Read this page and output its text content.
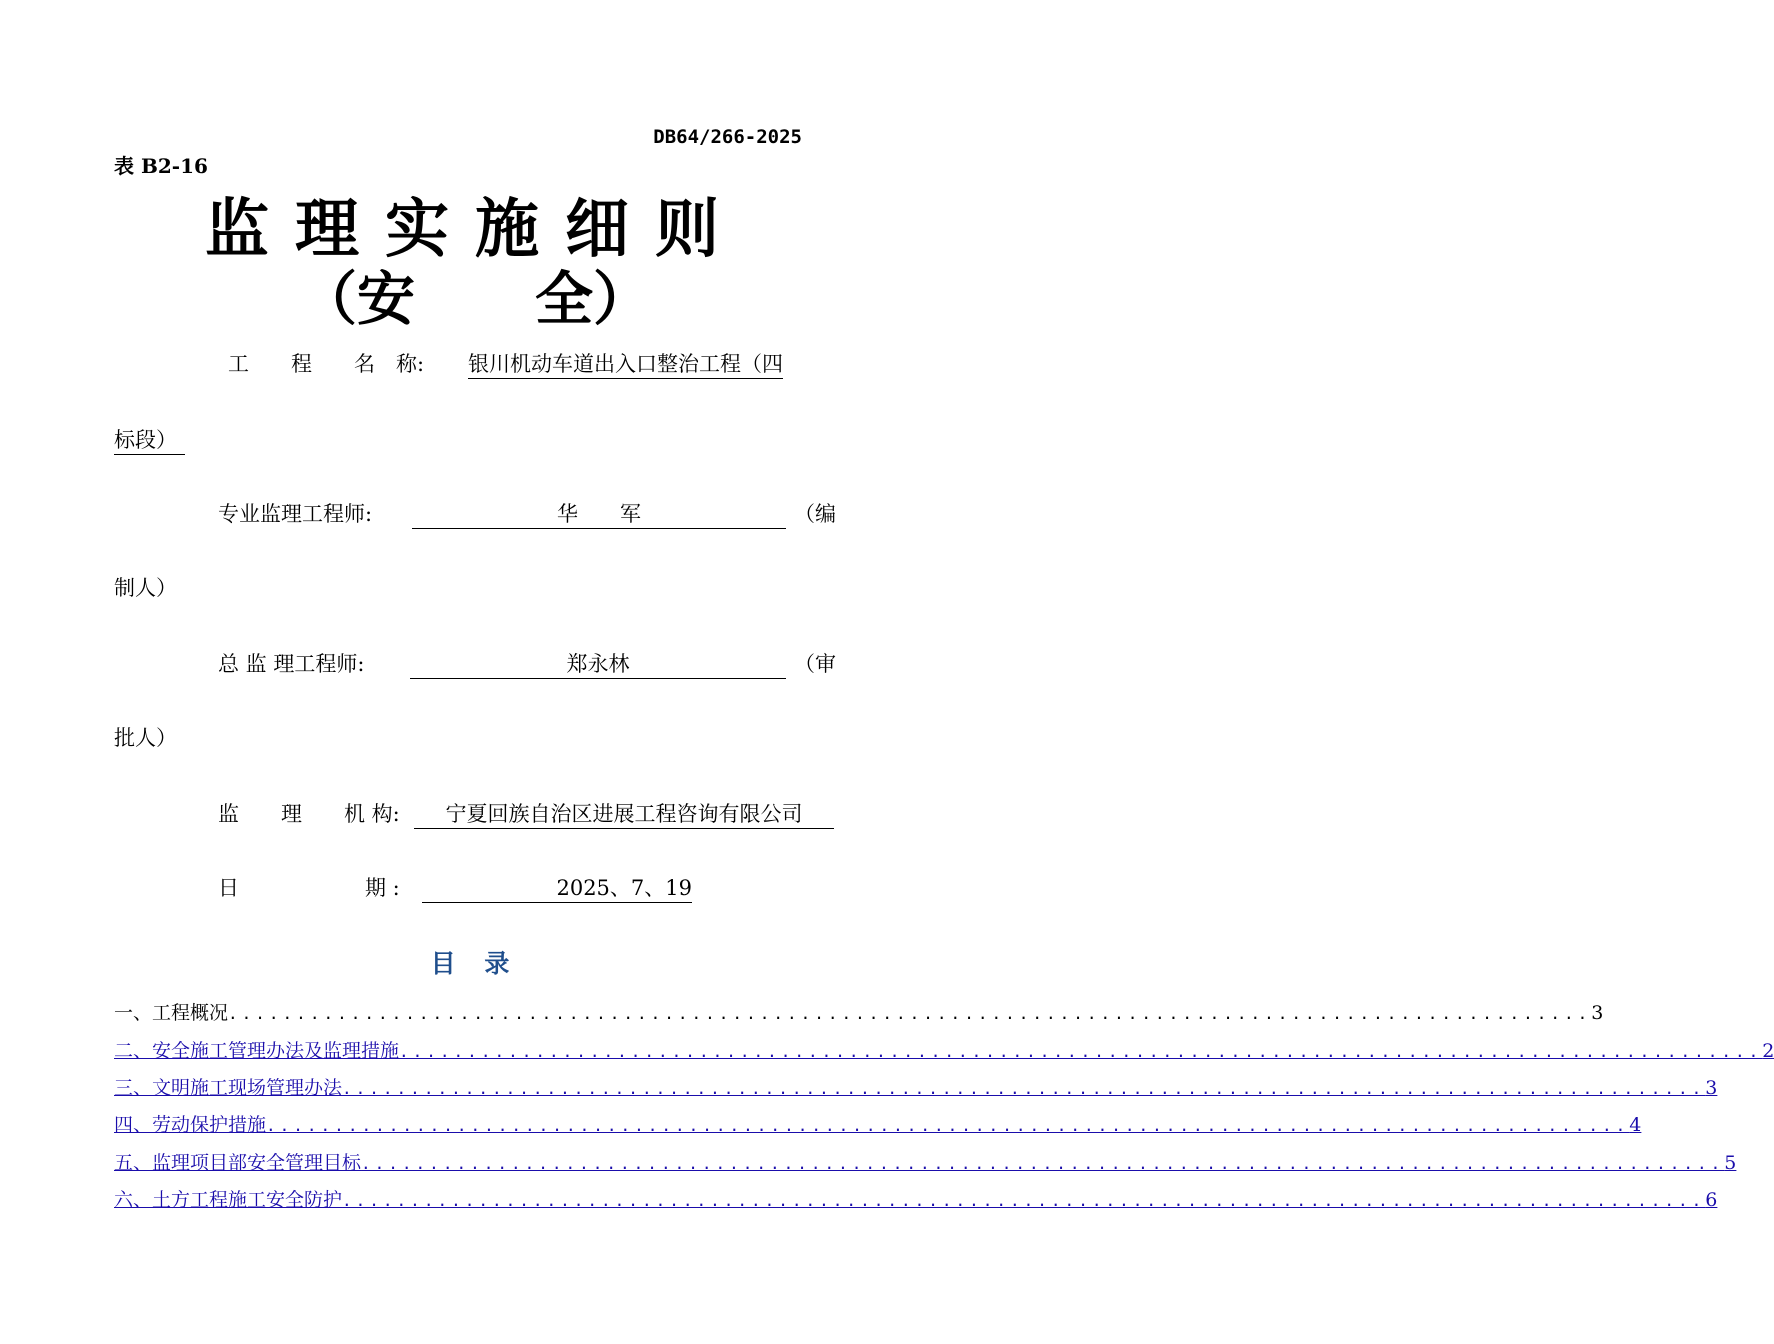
DB64/266-2025
表 B2-16
监理实施细则
（安 全）
工　　程　　名　称: 银川机动车道出入口整治工程（四
标段）
专业监理工程师:	华　　军	（编
制人）
总 监 理工程师:	郑永林	（审
批人）
监　　理　　机 构:	宁夏回族自治区进展工程咨询有限公司
日　　　　　　期 :	2025、7、19
目 录
一、工程概况 .................................................................................................... 3
二、安全施工管理办法及监理措施 .................................................................................................... 2
三、文明施工现场管理办法 .................................................................................................... 3
四、劳动保护措施 .................................................................................................... 4
五、监理项目部安全管理目标 .................................................................................................... 5
六、土方工程施工安全防护 .................................................................................................... 6
